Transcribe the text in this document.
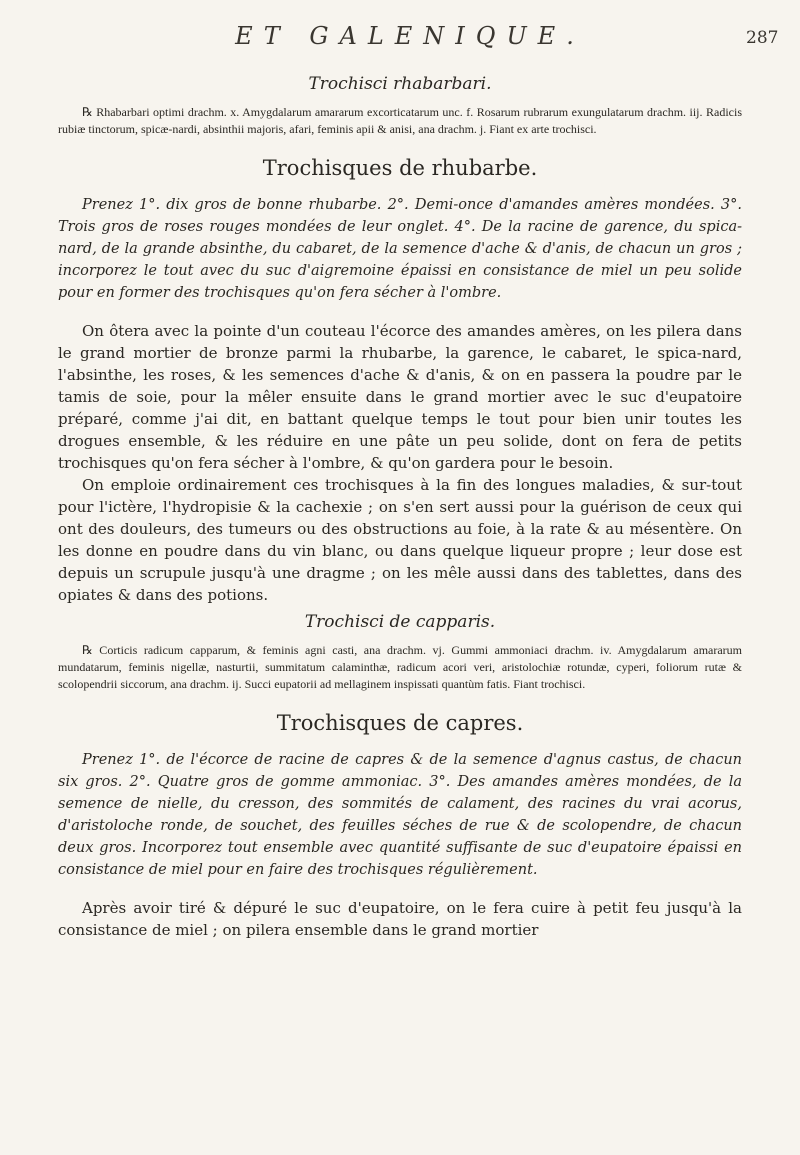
ET GALENIQUE.	287
Trochisci rhabarbari.

℞ Rhabarbari optimi drachm. x. Amygdalarum amararum excorticatarum unc. f. Rosarum rubrarum exungulatarum drachm. iij. Radicis rubiæ tinctorum, spicæ-nardi, absinthii majoris, afari, feminis apii & anisi, ana drachm. j. Fiant ex arte trochisci.

Trochisques de rhubarbe.

Prenez 1°. dix gros de bonne rhubarbe. 2°. Demi-once d'amandes amères mondées. 3°. Trois gros de roses rouges mondées de leur onglet. 4°. De la racine de garence, du spica-nard, de la grande absinthe, du cabaret, de la semence d'ache & d'anis, de chacun un gros ; incorporez le tout avec du suc d'aigremoine épaissi en consistance de miel un peu solide pour en former des trochisques qu'on fera sécher à l'ombre.

On ôtera avec la pointe d'un couteau l'écorce des amandes amères, on les pilera dans le grand mortier de bronze parmi la rhubarbe, la garence, le cabaret, le spica-nard, l'absinthe, les roses, & les semences d'ache & d'anis, & on en passera la poudre par le tamis de soie, pour la mêler ensuite dans le grand mortier avec le suc d'eupatoire préparé, comme j'ai dit, en battant quelque temps le tout pour bien unir toutes les drogues ensemble, & les réduire en une pâte un peu solide, dont on fera de petits trochisques qu'on fera sécher à l'ombre, & qu'on gardera pour le besoin.

On emploie ordinairement ces trochisques à la fin des longues maladies, & sur-tout pour l'ictère, l'hydropisie & la cachexie ; on s'en sert aussi pour la guérison de ceux qui ont des douleurs, des tumeurs ou des obstructions au foie, à la rate & au mésentère. On les donne en poudre dans du vin blanc, ou dans quelque liqueur propre ; leur dose est depuis un scrupule jusqu'à une dragme ; on les mêle aussi dans des tablettes, dans des opiates & dans des potions.

Trochisci de capparis.

℞ Corticis radicum capparum, & feminis agni casti, ana drachm. vj. Gummi ammoniaci drachm. iv. Amygdalarum amararum mundatarum, feminis nigellæ, nasturtii, summitatum calaminthæ, radicum acori veri, aristolochiæ rotundæ, cyperi, foliorum rutæ & scolopendrii siccorum, ana drachm. ij. Succi eupatorii ad mellaginem inspissati quantùm fatis. Fiant trochisci.

Trochisques de capres.

Prenez 1°. de l'écorce de racine de capres & de la semence d'agnus castus, de chacun six gros. 2°. Quatre gros de gomme ammoniac. 3°. Des amandes amères mondées, de la semence de nielle, du cresson, des sommités de calament, des racines du vrai acorus, d'aristoloche ronde, de souchet, des feuilles séches de rue & de scolopendre, de chacun deux gros. Incorporez tout ensemble avec quantité suffisante de suc d'eupatoire épaissi en consistance de miel pour en faire des trochisques régulièrement.

Après avoir tiré & dépuré le suc d'eupatoire, on le fera cuire à petit feu jusqu'à la consistance de miel ; on pilera ensemble dans le grand mortier
